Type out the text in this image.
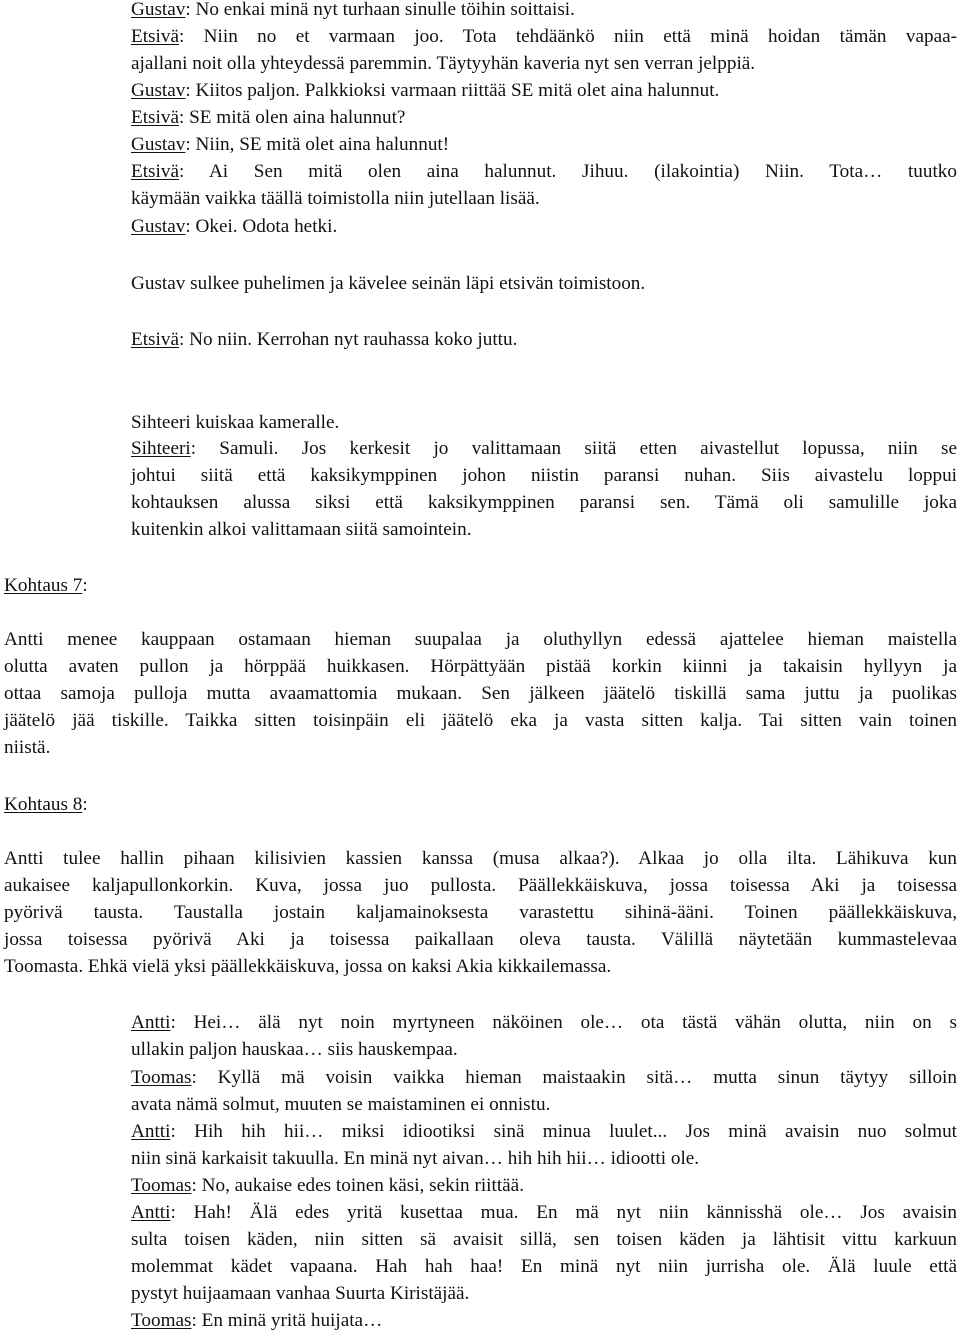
Gustav: No enkai minä nyt turhaan sinulle töihin soittaisi.

Etsivä: Niin no et varmaan joo. Tota tehdäänkö niin että minä hoidan tämän vapaa-

ajallani noit olla yhteydessä paremmin. Täytyyhän kaveria nyt sen verran jelppiä.

Gustav: Kiitos paljon. Palkkioksi varmaan riittää SE mitä olet aina halunnut.

Etsivä: SE mitä olen aina halunnut?

Gustav: Niin, SE mitä olet aina halunnut!

Etsivä: Ai Sen mitä olen aina halunnut. Jihuu. (ilakointia) Niin. Tota… tuutko

käymään vaikka täällä toimistolla niin jutellaan lisää.

Gustav: Okei. Odota hetki.

Gustav sulkee puhelimen ja kävelee seinän läpi etsivän toimistoon.

Etsivä: No niin. Kerrohan nyt rauhassa koko juttu.

Sihteeri kuiskaa kameralle.

Sihteeri: Samuli. Jos kerkesit jo valittamaan siitä etten aivastellut lopussa, niin se

johtui siitä että kaksikymppinen johon niistin paransi nuhan. Siis aivastelu loppui

kohtauksen alussa siksi että kaksikymppinen paransi sen. Tämä oli samulille joka

kuitenkin alkoi valittamaan siitä samointein.

Kohtaus 7:

Antti menee kauppaan ostamaan hieman suupalaa ja oluthyllyn edessä ajattelee hieman maistella

olutta avaten pullon ja hörppää huikkasen. Hörpättyään pistää korkin kiinni ja takaisin hyllyyn ja

ottaa samoja pulloja mutta avaamattomia mukaan. Sen jälkeen jäätelö tiskillä sama juttu ja puolikas

jäätelö jää tiskille. Taikka sitten toisinpäin eli jäätelö eka ja vasta sitten kalja. Tai sitten vain toinen

niistä.

Kohtaus 8:

Antti tulee hallin pihaan kilisivien kassien kanssa (musa alkaa?). Alkaa jo olla ilta. Lähikuva kun

aukaisee kaljapullonkorkin. Kuva, jossa juo pullosta. Päällekkäiskuva, jossa toisessa Aki ja toisessa

pyörivä tausta. Taustalla jostain kaljamainoksesta varastettu sihinä-ääni. Toinen päällekkäiskuva,

jossa toisessa pyörivä Aki ja toisessa paikallaan oleva tausta. Välillä näytetään kummastelevaa

Toomasta. Ehkä vielä yksi päällekkäiskuva, jossa on kaksi Akia kikkailemassa.

Antti: Hei… älä nyt noin myrtyneen näköinen ole… ota tästä vähän olutta, niin on s

ullakin paljon hauskaa… siis hauskempaa.

Toomas: Kyllä mä voisin vaikka hieman maistaakin sitä… mutta sinun täytyy silloin

avata nämä solmut, muuten se maistaminen ei onnistu.

Antti: Hih hih hii… miksi idiootiksi sinä minua luulet... Jos minä avaisin nuo solmut

niin sinä karkaisit takuulla. En minä nyt aivan… hih hih hii… idiootti ole.

Toomas: No, aukaise edes toinen käsi, sekin riittää.

Antti: Hah! Älä edes yritä kusettaa mua. En mä nyt niin kännisshä ole… Jos avaisin

sulta toisen käden, niin sitten sä avaisit sillä, sen toisen käden ja lähtisit vittu karkuun

molemmat kädet vapaana. Hah hah haa! En minä nyt niin jurrisha ole. Älä luule että

pystyt huijaamaan vanhaa Suurta Kiristäjää.

Toomas: En minä yritä huijata…
